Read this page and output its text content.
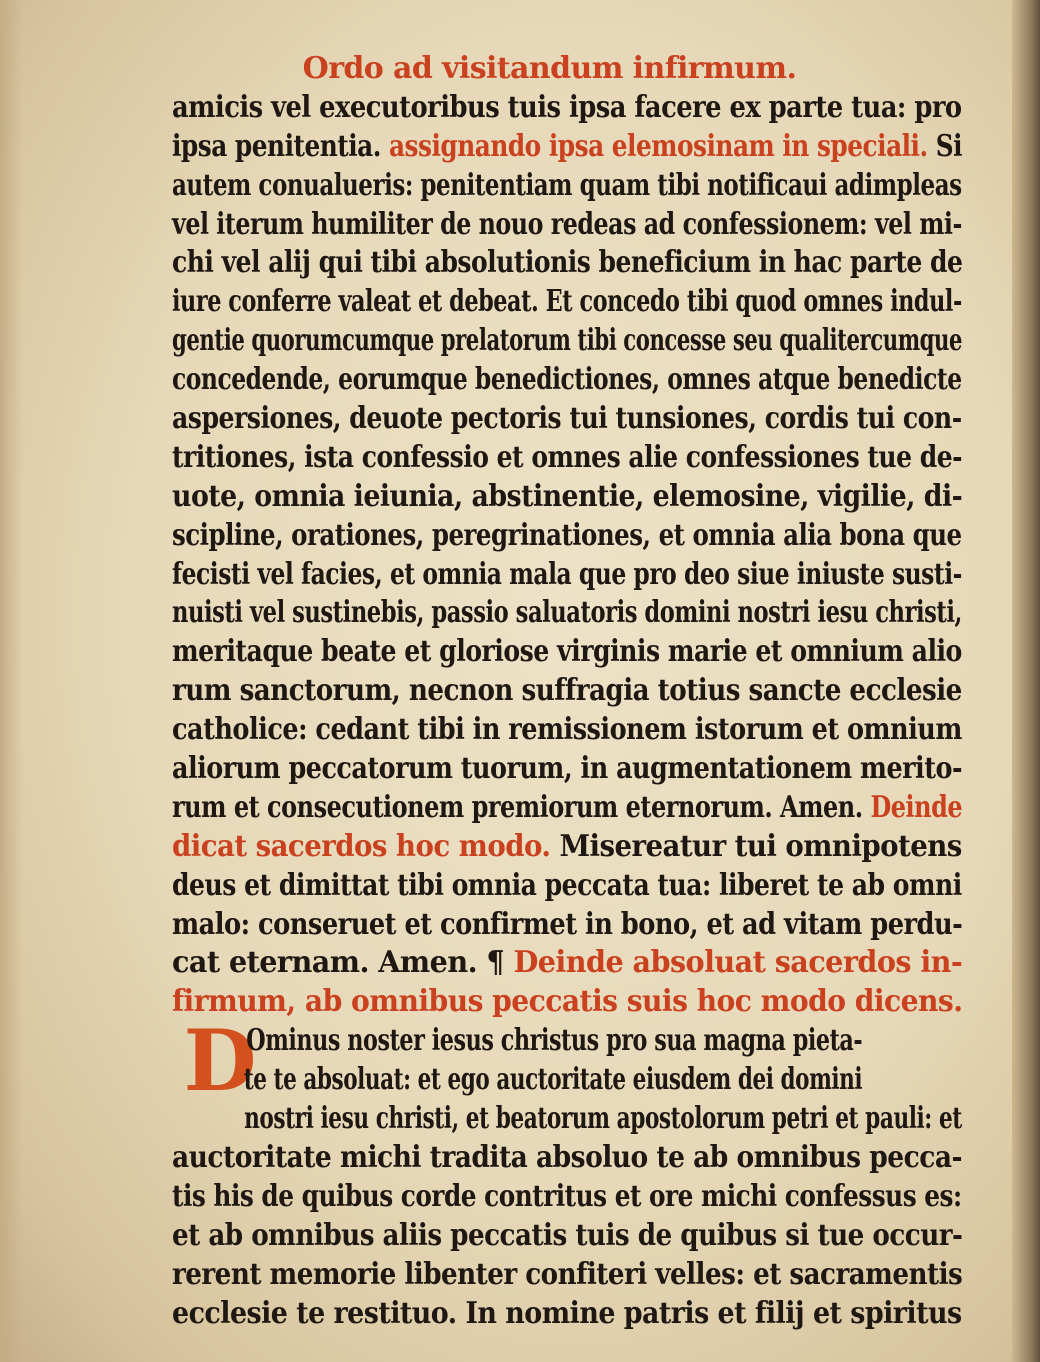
Ordo ad visitandum infirmum.
amicis vel executoribus tuis ipsa facere ex parte tua: pro
ipsa penitentia. assignando ipsa elemosinam in speciali. Si
autem conualueris: penitentiam quam tibi notificaui adimpleas
vel iterum humiliter de nouo redeas ad confessionem: vel mi-
chi vel alij qui tibi absolutionis beneficium in hac parte de
iure conferre valeat et debeat. Et concedo tibi quod omnes indul-
gentie quorumcumque prelatorum tibi concesse seu qualitercumque
concedende, eorumque benedictiones, omnes atque benedicte
aspersiones, deuote pectoris tui tunsiones, cordis tui con-
tritiones, ista confessio et omnes alie confessiones tue de-
uote, omnia ieiunia, abstinentie, elemosine, vigilie, di-
scipline, orationes, peregrinationes, et omnia alia bona que
fecisti vel facies, et omnia mala que pro deo siue iniuste susti-
nuisti vel sustinebis, passio saluatoris domini nostri iesu christi,
meritaque beate et gloriose virginis marie et omnium alio
rum sanctorum, necnon suffragia totius sancte ecclesie
catholice: cedant tibi in remissionem istorum et omnium
aliorum peccatorum tuorum, in augmentationem merito-
rum et consecutionem premiorum eternorum. Amen. Deinde
dicat sacerdos hoc modo. Misereatur tui omnipotens
deus et dimittat tibi omnia peccata tua: liberet te ab omni
malo: conseruet et confirmet in bono, et ad vitam perdu-
cat eternam. Amen. ¶ Deinde absoluat sacerdos in-
firmum, ab omnibus peccatis suis hoc modo dicens.
D
Ominus noster iesus christus pro sua magna pieta-
te te absoluat: et ego auctoritate eiusdem dei domini
nostri iesu christi, et beatorum apostolorum petri et pauli: et
auctoritate michi tradita absoluo te ab omnibus pecca-
tis his de quibus corde contritus et ore michi confessus es:
et ab omnibus aliis peccatis tuis de quibus si tue occur-
rerent memorie libenter confiteri velles: et sacramentis
ecclesie te restituo. In nomine patris et filij et spiritus
